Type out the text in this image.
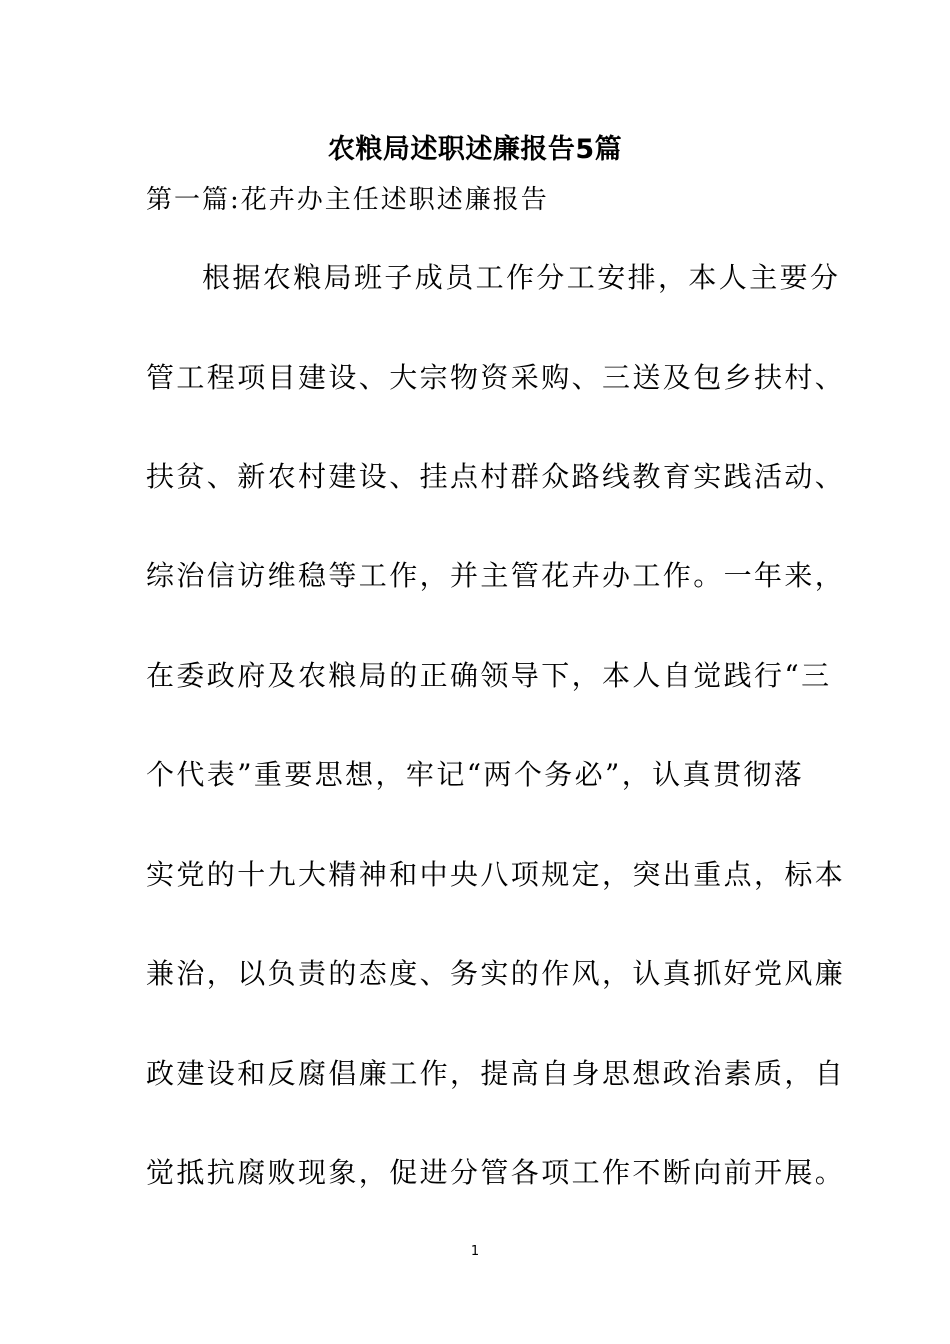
农粮局述职述廉报告5篇
第一篇:花卉办主任述职述廉报告
根据农粮局班子成员工作分工安排，本人主要分
管工程项目建设、大宗物资采购、三送及包乡扶村、
扶贫、新农村建设、挂点村群众路线教育实践活动、
综治信访维稳等工作，并主管花卉办工作。一年来，
在委政府及农粮局的正确领导下，本人自觉践行“三
个代表”重要思想，牢记“两个务必”，认真贯彻落
实党的十九大精神和中央八项规定，突出重点，标本
兼治，以负责的态度、务实的作风，认真抓好党风廉
政建设和反腐倡廉工作，提高自身思想政治素质，自
觉抵抗腐败现象，促进分管各项工作不断向前开展。
1
